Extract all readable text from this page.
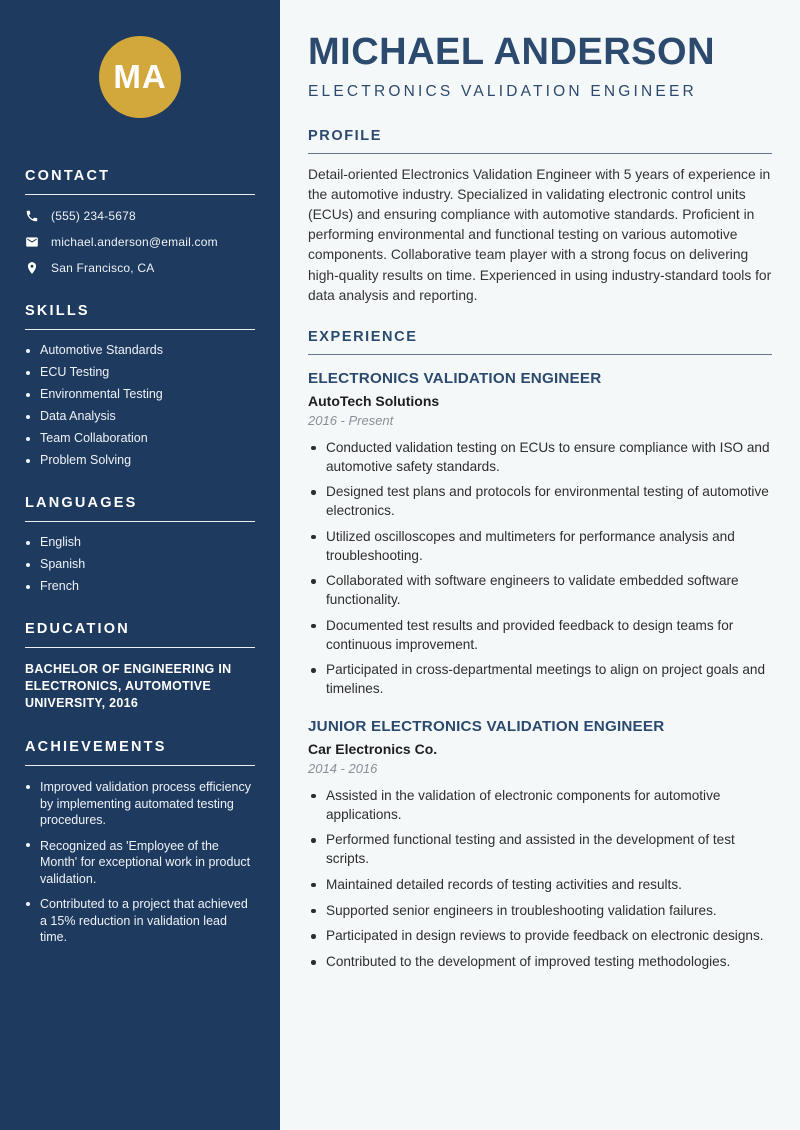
MA
CONTACT
(555) 234-5678
michael.anderson@email.com
San Francisco, CA
SKILLS
Automotive Standards
ECU Testing
Environmental Testing
Data Analysis
Team Collaboration
Problem Solving
LANGUAGES
English
Spanish
French
EDUCATION
BACHELOR OF ENGINEERING IN ELECTRONICS, AUTOMOTIVE UNIVERSITY, 2016
ACHIEVEMENTS
Improved validation process efficiency by implementing automated testing procedures.
Recognized as 'Employee of the Month' for exceptional work in product validation.
Contributed to a project that achieved a 15% reduction in validation lead time.
MICHAEL ANDERSON
ELECTRONICS VALIDATION ENGINEER
PROFILE

Detail-oriented Electronics Validation Engineer with 5 years of experience in the automotive industry. Specialized in validating electronic control units (ECUs) and ensuring compliance with automotive standards. Proficient in performing environmental and functional testing on various automotive components. Collaborative team player with a strong focus on delivering high-quality results on time. Experienced in using industry-standard tools for data analysis and reporting.

EXPERIENCE
ELECTRONICS VALIDATION ENGINEER
AutoTech Solutions
2016 - Present
Conducted validation testing on ECUs to ensure compliance with ISO and automotive safety standards.
Designed test plans and protocols for environmental testing of automotive electronics.
Utilized oscilloscopes and multimeters for performance analysis and troubleshooting.
Collaborated with software engineers to validate embedded software functionality.
Documented test results and provided feedback to design teams for continuous improvement.
Participated in cross-departmental meetings to align on project goals and timelines.
JUNIOR ELECTRONICS VALIDATION ENGINEER
Car Electronics Co.
2014 - 2016
Assisted in the validation of electronic components for automotive applications.
Performed functional testing and assisted in the development of test scripts.
Maintained detailed records of testing activities and results.
Supported senior engineers in troubleshooting validation failures.
Participated in design reviews to provide feedback on electronic designs.
Contributed to the development of improved testing methodologies.
